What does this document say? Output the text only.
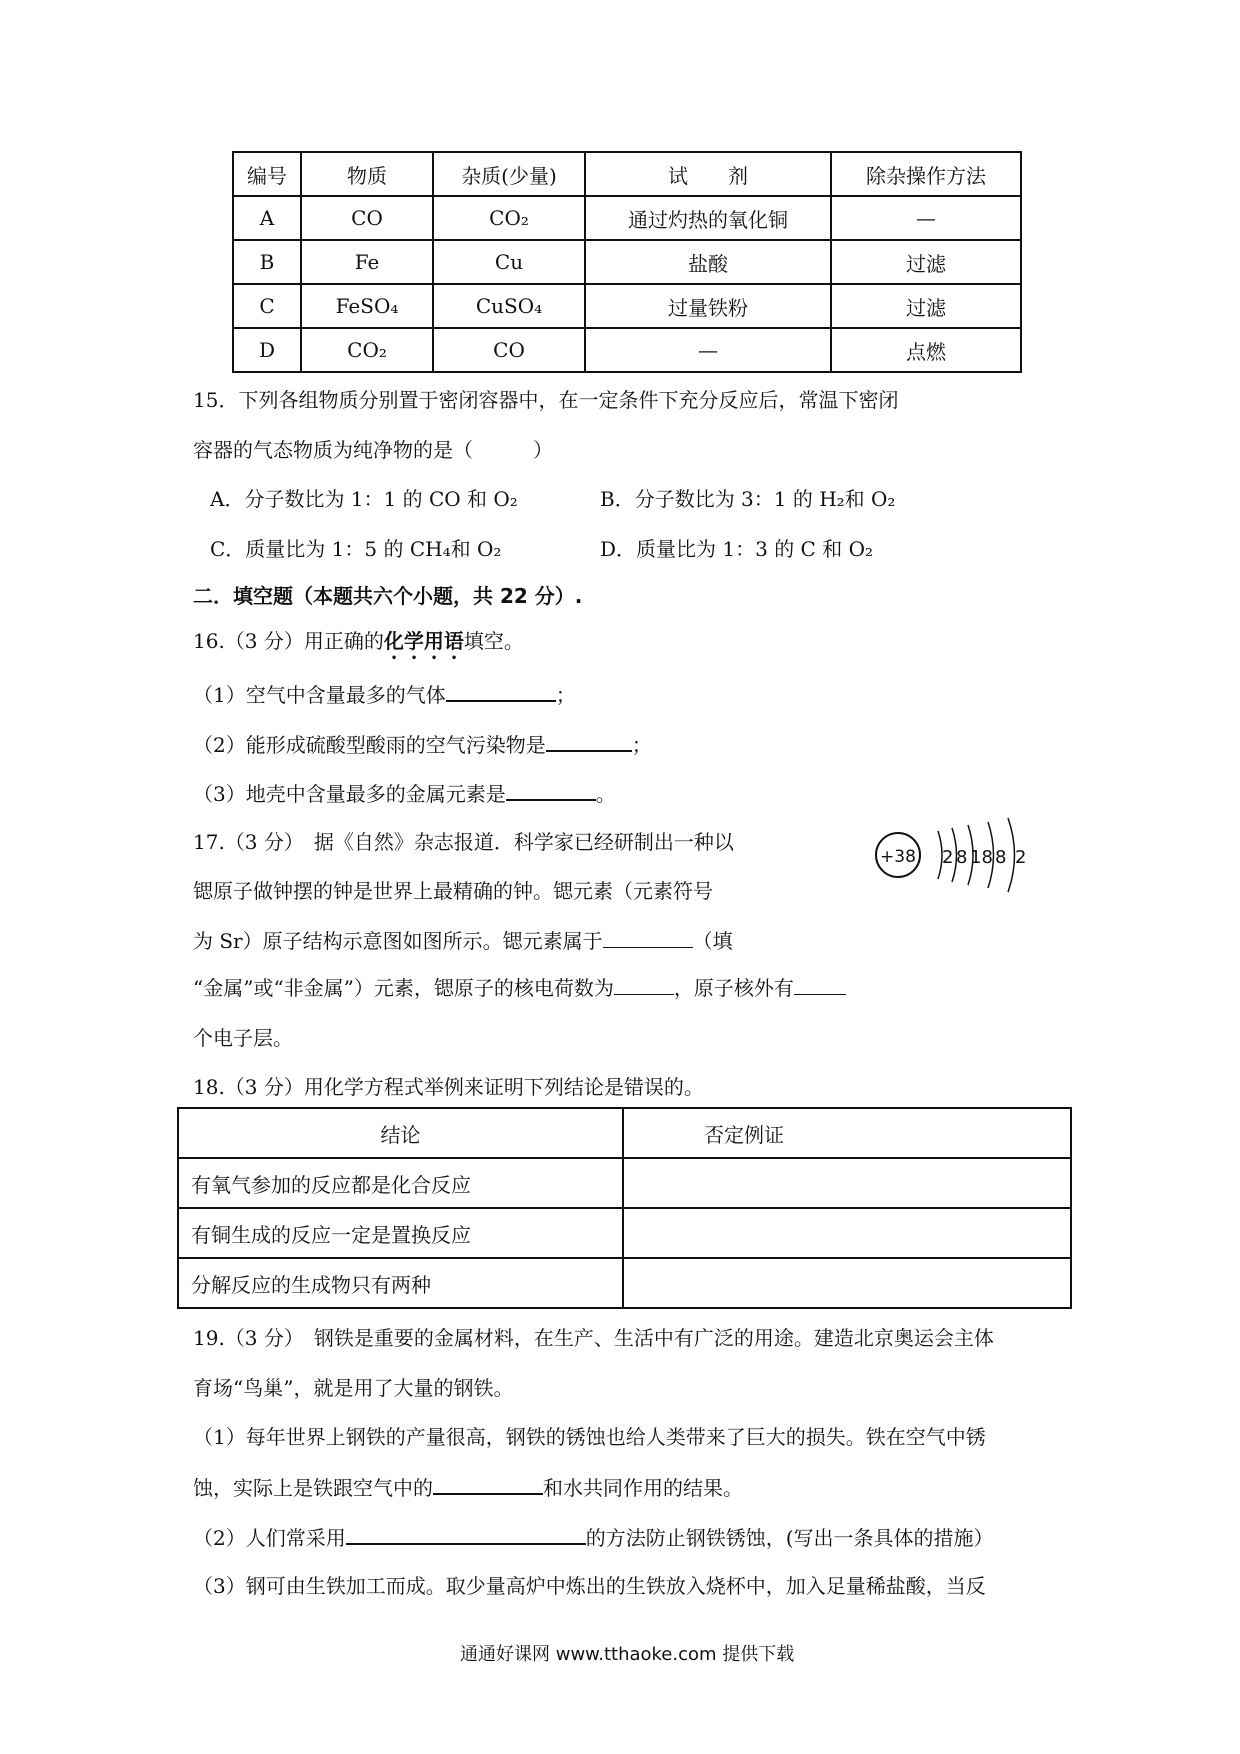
编号	物质	杂质(少量)	试　　剂	除杂操作方法
A	CO	CO₂	通过灼热的氧化铜	—
B	Fe	Cu	盐酸	过滤
C	FeSO₄	CuSO₄	过量铁粉	过滤
D	CO₂	CO	—	点燃
15．下列各组物质分别置于密闭容器中，在一定条件下充分反应后，常温下密闭
容器的气态物质为纯净物的是（　　　）
A．分子数比为 1：1 的 CO 和 O₂	B．分子数比为 3：1 的 H₂和 O₂
C．质量比为 1：5 的 CH₄和 O₂	D．质量比为 1：3 的 C 和 O₂
二．填空题（本题共六个小题，共 22 分）.
16.（3 分）用正确的化学用语填空。
（1）空气中含量最多的气体	；
（2）能形成硫酸型酸雨的空气污染物是	；
（3）地壳中含量最多的金属元素是	。
17.（3 分）　据《自然》杂志报道．科学家已经研制出一种以
锶原子做钟摆的钟是世界上最精确的钟。锶元素（元素符号
为 Sr）原子结构示意图如图所示。锶元素属于	（填
“金属”或“非金属”）元素，锶原子的核电荷数为	，原子核外有
个电子层。
+38 2 8 18 8 2
18.（3 分）用化学方程式举例来证明下列结论是错误的。
结论	否定例证
有氧气参加的反应都是化合反应	
有铜生成的反应一定是置换反应	
分解反应的生成物只有两种	
19.（3 分）　钢铁是重要的金属材料，在生产、生活中有广泛的用途。建造北京奥运会主体
育场“鸟巢”，就是用了大量的钢铁。
（1）每年世界上钢铁的产量很高，钢铁的锈蚀也给人类带来了巨大的损失。铁在空气中锈
蚀，实际上是铁跟空气中的	和水共同作用的结果。
（2）人们常采用	的方法防止钢铁锈蚀，(写出一条具体的措施）
（3）钢可由生铁加工而成。取少量高炉中炼出的生铁放入烧杯中，加入足量稀盐酸，当反
通通好课网 www.tthaoke.com 提供下载
